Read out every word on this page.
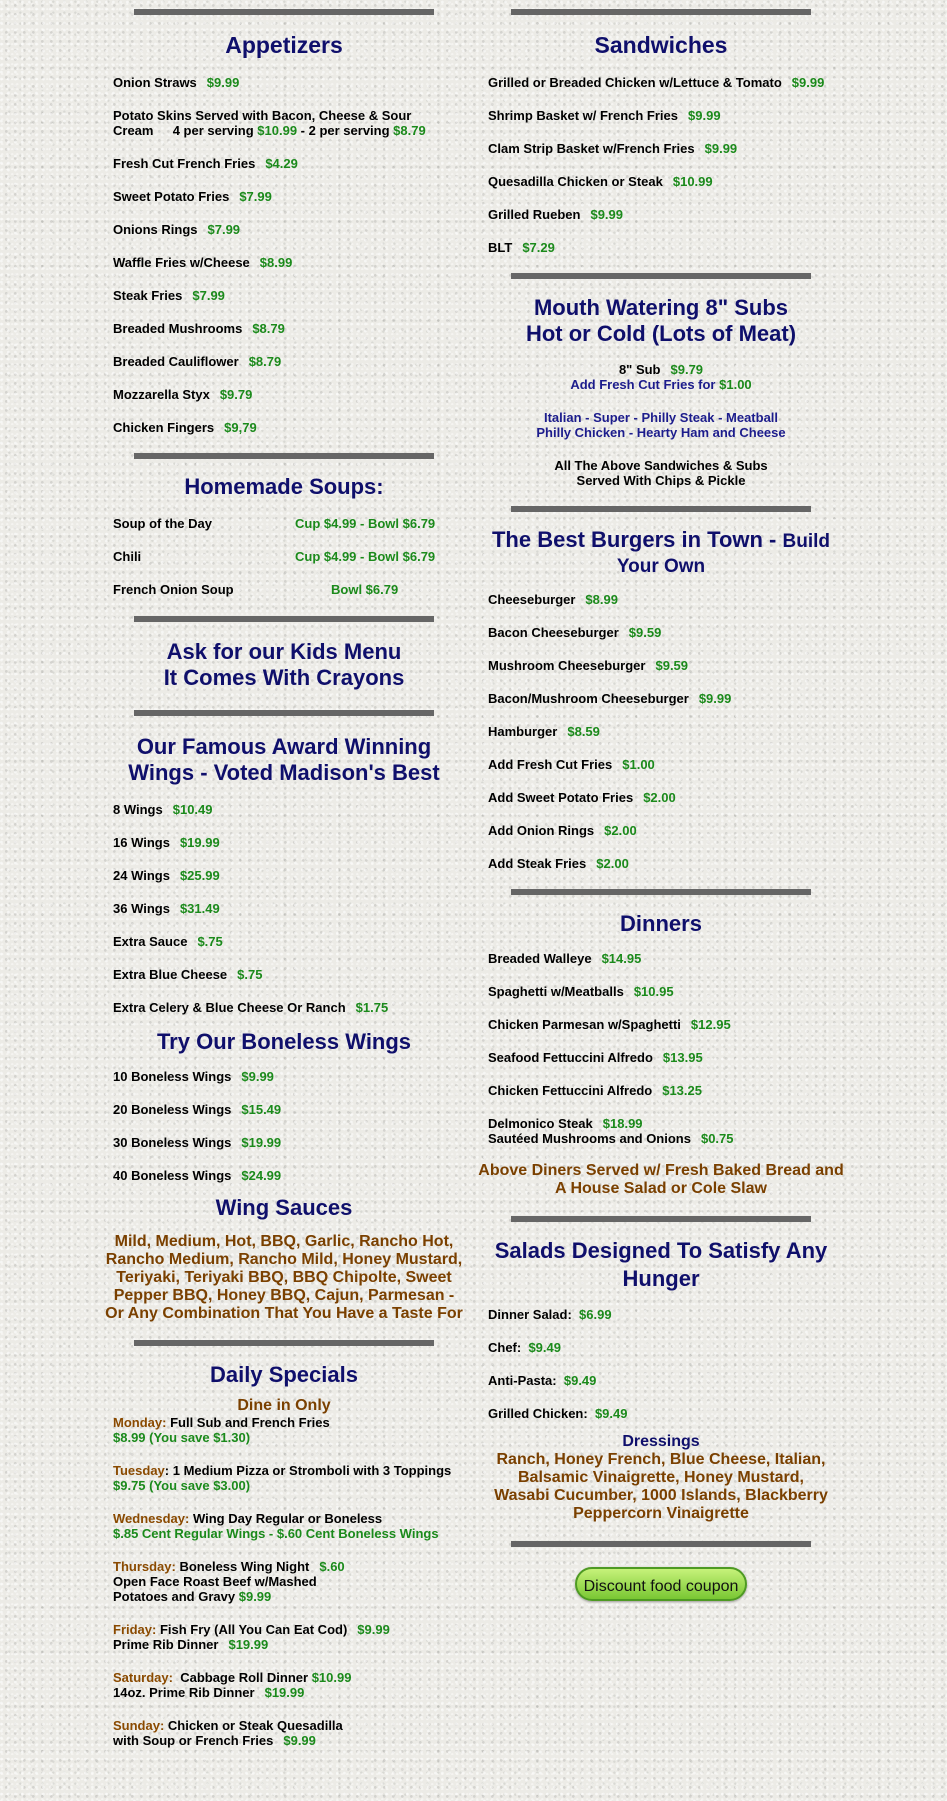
Appetizers
Onion Straws $9.99
Potato Skins Served with Bacon, Cheese & Sour
Cream 4 per serving $10.99 - 2 per serving $8.79
Fresh Cut French Fries $4.29
Sweet Potato Fries $7.99
Onions Rings $7.99
Waffle Fries w/Cheese $8.99
Steak Fries $7.99
Breaded Mushrooms $8.79
Breaded Cauliflower $8.79
Mozzarella Styx $9.79
Chicken Fingers $9,79
Homemade Soups:
Soup of the Day	Cup $4.99 - Bowl $6.79
Chili	Cup $4.99 - Bowl $6.79
French Onion Soup	Bowl $6.79
Ask for our Kids Menu
It Comes With Crayons
Our Famous Award Winning
Wings - Voted Madison's Best
8 Wings $10.49
16 Wings $19.99
24 Wings $25.99
36 Wings $31.49
Extra Sauce $.75
Extra Blue Cheese $.75
Extra Celery & Blue Cheese Or Ranch $1.75
Try Our Boneless Wings
10 Boneless Wings $9.99
20 Boneless Wings $15.49
30 Boneless Wings $19.99
40 Boneless Wings $24.99
Wing Sauces
Mild, Medium, Hot, BBQ, Garlic, Rancho Hot,
Rancho Medium, Rancho Mild, Honey Mustard,
Teriyaki, Teriyaki BBQ, BBQ Chipolte, Sweet
Pepper BBQ, Honey BBQ, Cajun, Parmesan -
Or Any Combination That You Have a Taste For
Daily Specials
Dine in Only
Monday: Full Sub and French Fries
$8.99 (You save $1.30)
Tuesday: 1 Medium Pizza or Stromboli with 3 Toppings
$9.75 (You save $3.00)
Wednesday: Wing Day Regular or Boneless
$.85 Cent Regular Wings - $.60 Cent Boneless Wings
Thursday: Boneless Wing Night $.60
Open Face Roast Beef w/Mashed
Potatoes and Gravy $9.99
Friday: Fish Fry (All You Can Eat Cod) $9.99
Prime Rib Dinner $19.99
Saturday: Cabbage Roll Dinner $10.99
14oz. Prime Rib Dinner $19.99
Sunday: Chicken or Steak Quesadilla
with Soup or French Fries $9.99
Sandwiches
Grilled or Breaded Chicken w/Lettuce & Tomato $9.99
Shrimp Basket w/ French Fries $9.99
Clam Strip Basket w/French Fries $9.99
Quesadilla Chicken or Steak $10.99
Grilled Rueben $9.99
BLT $7.29
Mouth Watering 8" Subs
Hot or Cold (Lots of Meat)
8" Sub $9.79
Add Fresh Cut Fries for $1.00
Italian - Super - Philly Steak - Meatball
Philly Chicken - Hearty Ham and Cheese
All The Above Sandwiches & Subs
Served With Chips & Pickle
The Best Burgers in Town - Build Your Own
Cheeseburger $8.99
Bacon Cheeseburger $9.59
Mushroom Cheeseburger $9.59
Bacon/Mushroom Cheeseburger $9.99
Hamburger $8.59
Add Fresh Cut Fries $1.00
Add Sweet Potato Fries $2.00
Add Onion Rings $2.00
Add Steak Fries $2.00
Dinners
Breaded Walleye $14.95
Spaghetti w/Meatballs $10.95
Chicken Parmesan w/Spaghetti $12.95
Seafood Fettuccini Alfredo $13.95
Chicken Fettuccini Alfredo $13.25
Delmonico Steak $18.99
Sautéed Mushrooms and Onions $0.75
Above Diners Served w/ Fresh Baked Bread and
A House Salad or Cole Slaw
Salads Designed To Satisfy Any
Hunger
Dinner Salad: $6.99
Chef: $9.49
Anti-Pasta: $9.49
Grilled Chicken: $9.49
Dressings
Ranch, Honey French, Blue Cheese, Italian,
Balsamic Vinaigrette, Honey Mustard,
Wasabi Cucumber, 1000 Islands, Blackberry
Peppercorn Vinaigrette
Discount food coupon
